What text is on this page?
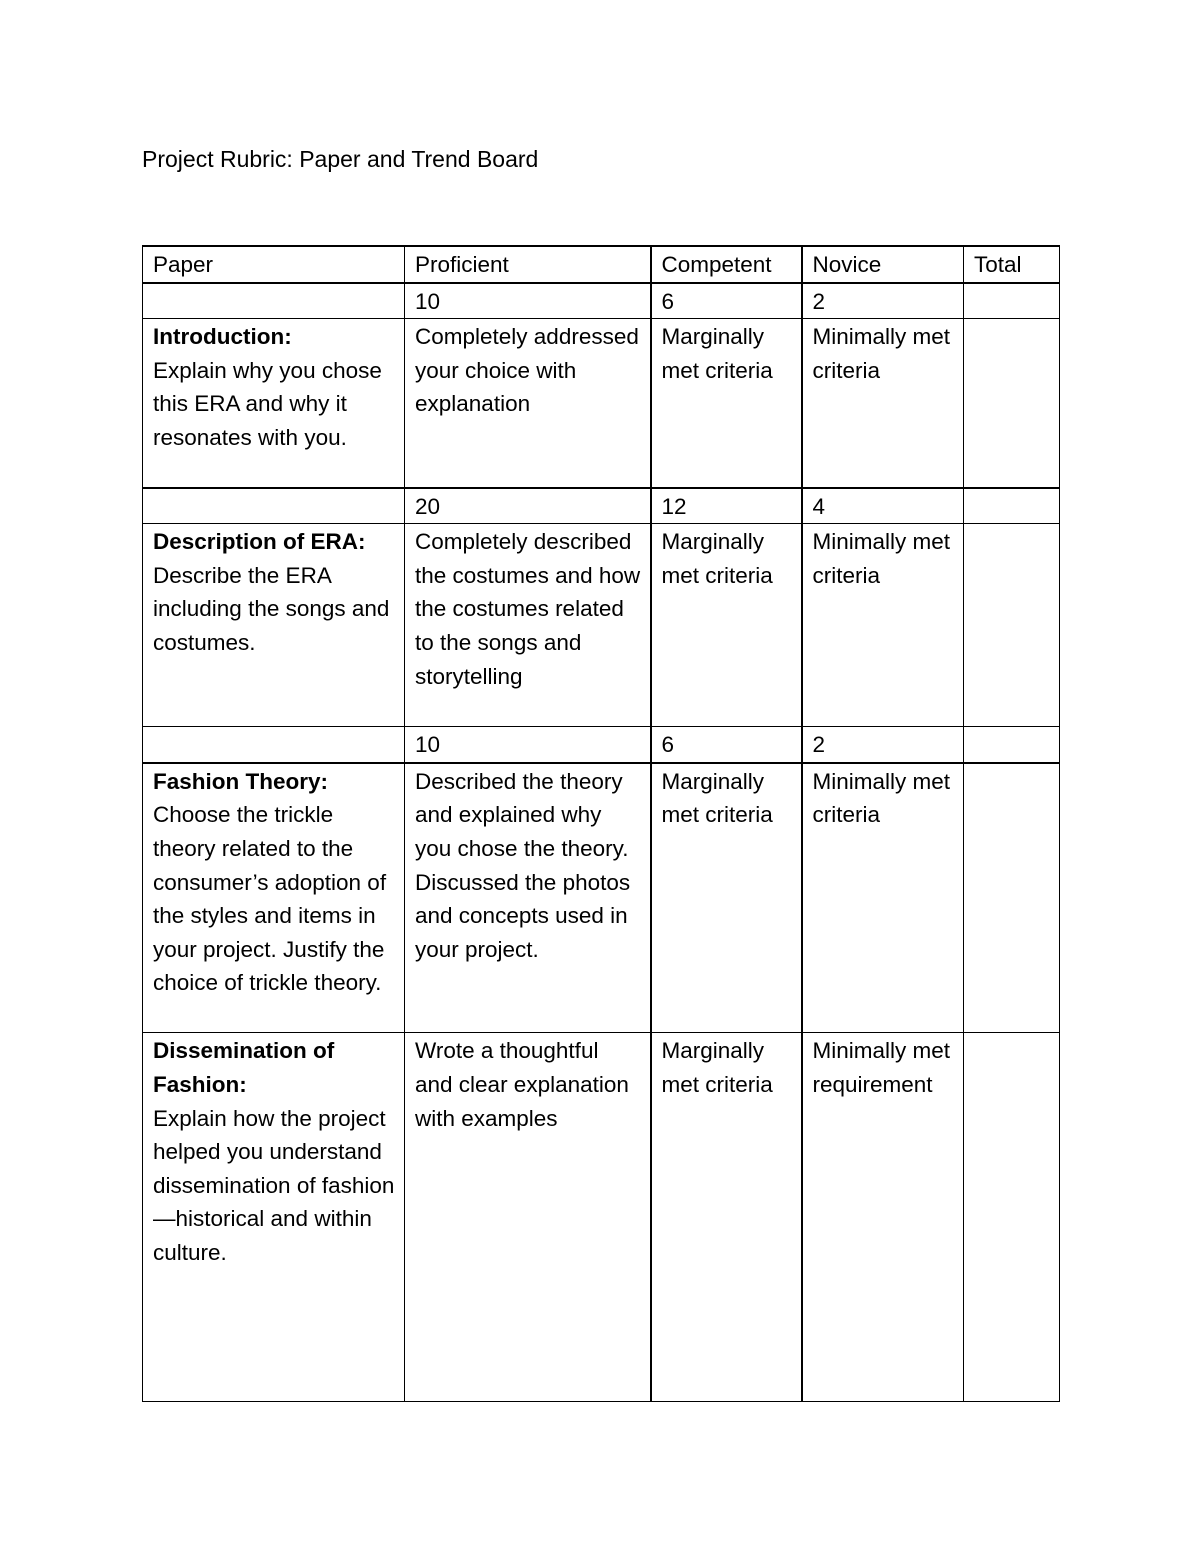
Project Rubric: Paper and Trend Board
Paper	Proficient	Competent	Novice	Total
	10	6	2	

Introduction:
Explain why you chose this ERA and why it resonates with you.	Completely addressed your choice with explanation	Marginally met criteria	Minimally met criteria	

	20	12	4	

Description of ERA:
Describe the ERA including the songs and costumes.	Completely described the costumes and how the costumes related to the songs and storytelling	Marginally met criteria	Minimally met criteria	

	10	6	2	

Fashion Theory:
Choose the trickle theory related to the consumer’s adoption of the styles and items in your project. Justify the choice of trickle theory.	Described the theory and explained why you chose the theory. Discussed the photos and concepts used in your project.	Marginally met criteria	Minimally met criteria	

Dissemination of Fashion:
Explain how the project helped you understand dissemination of fashion—historical and within culture.	Wrote a thoughtful and clear explanation with examples	Marginally met criteria	Minimally met requirement	
